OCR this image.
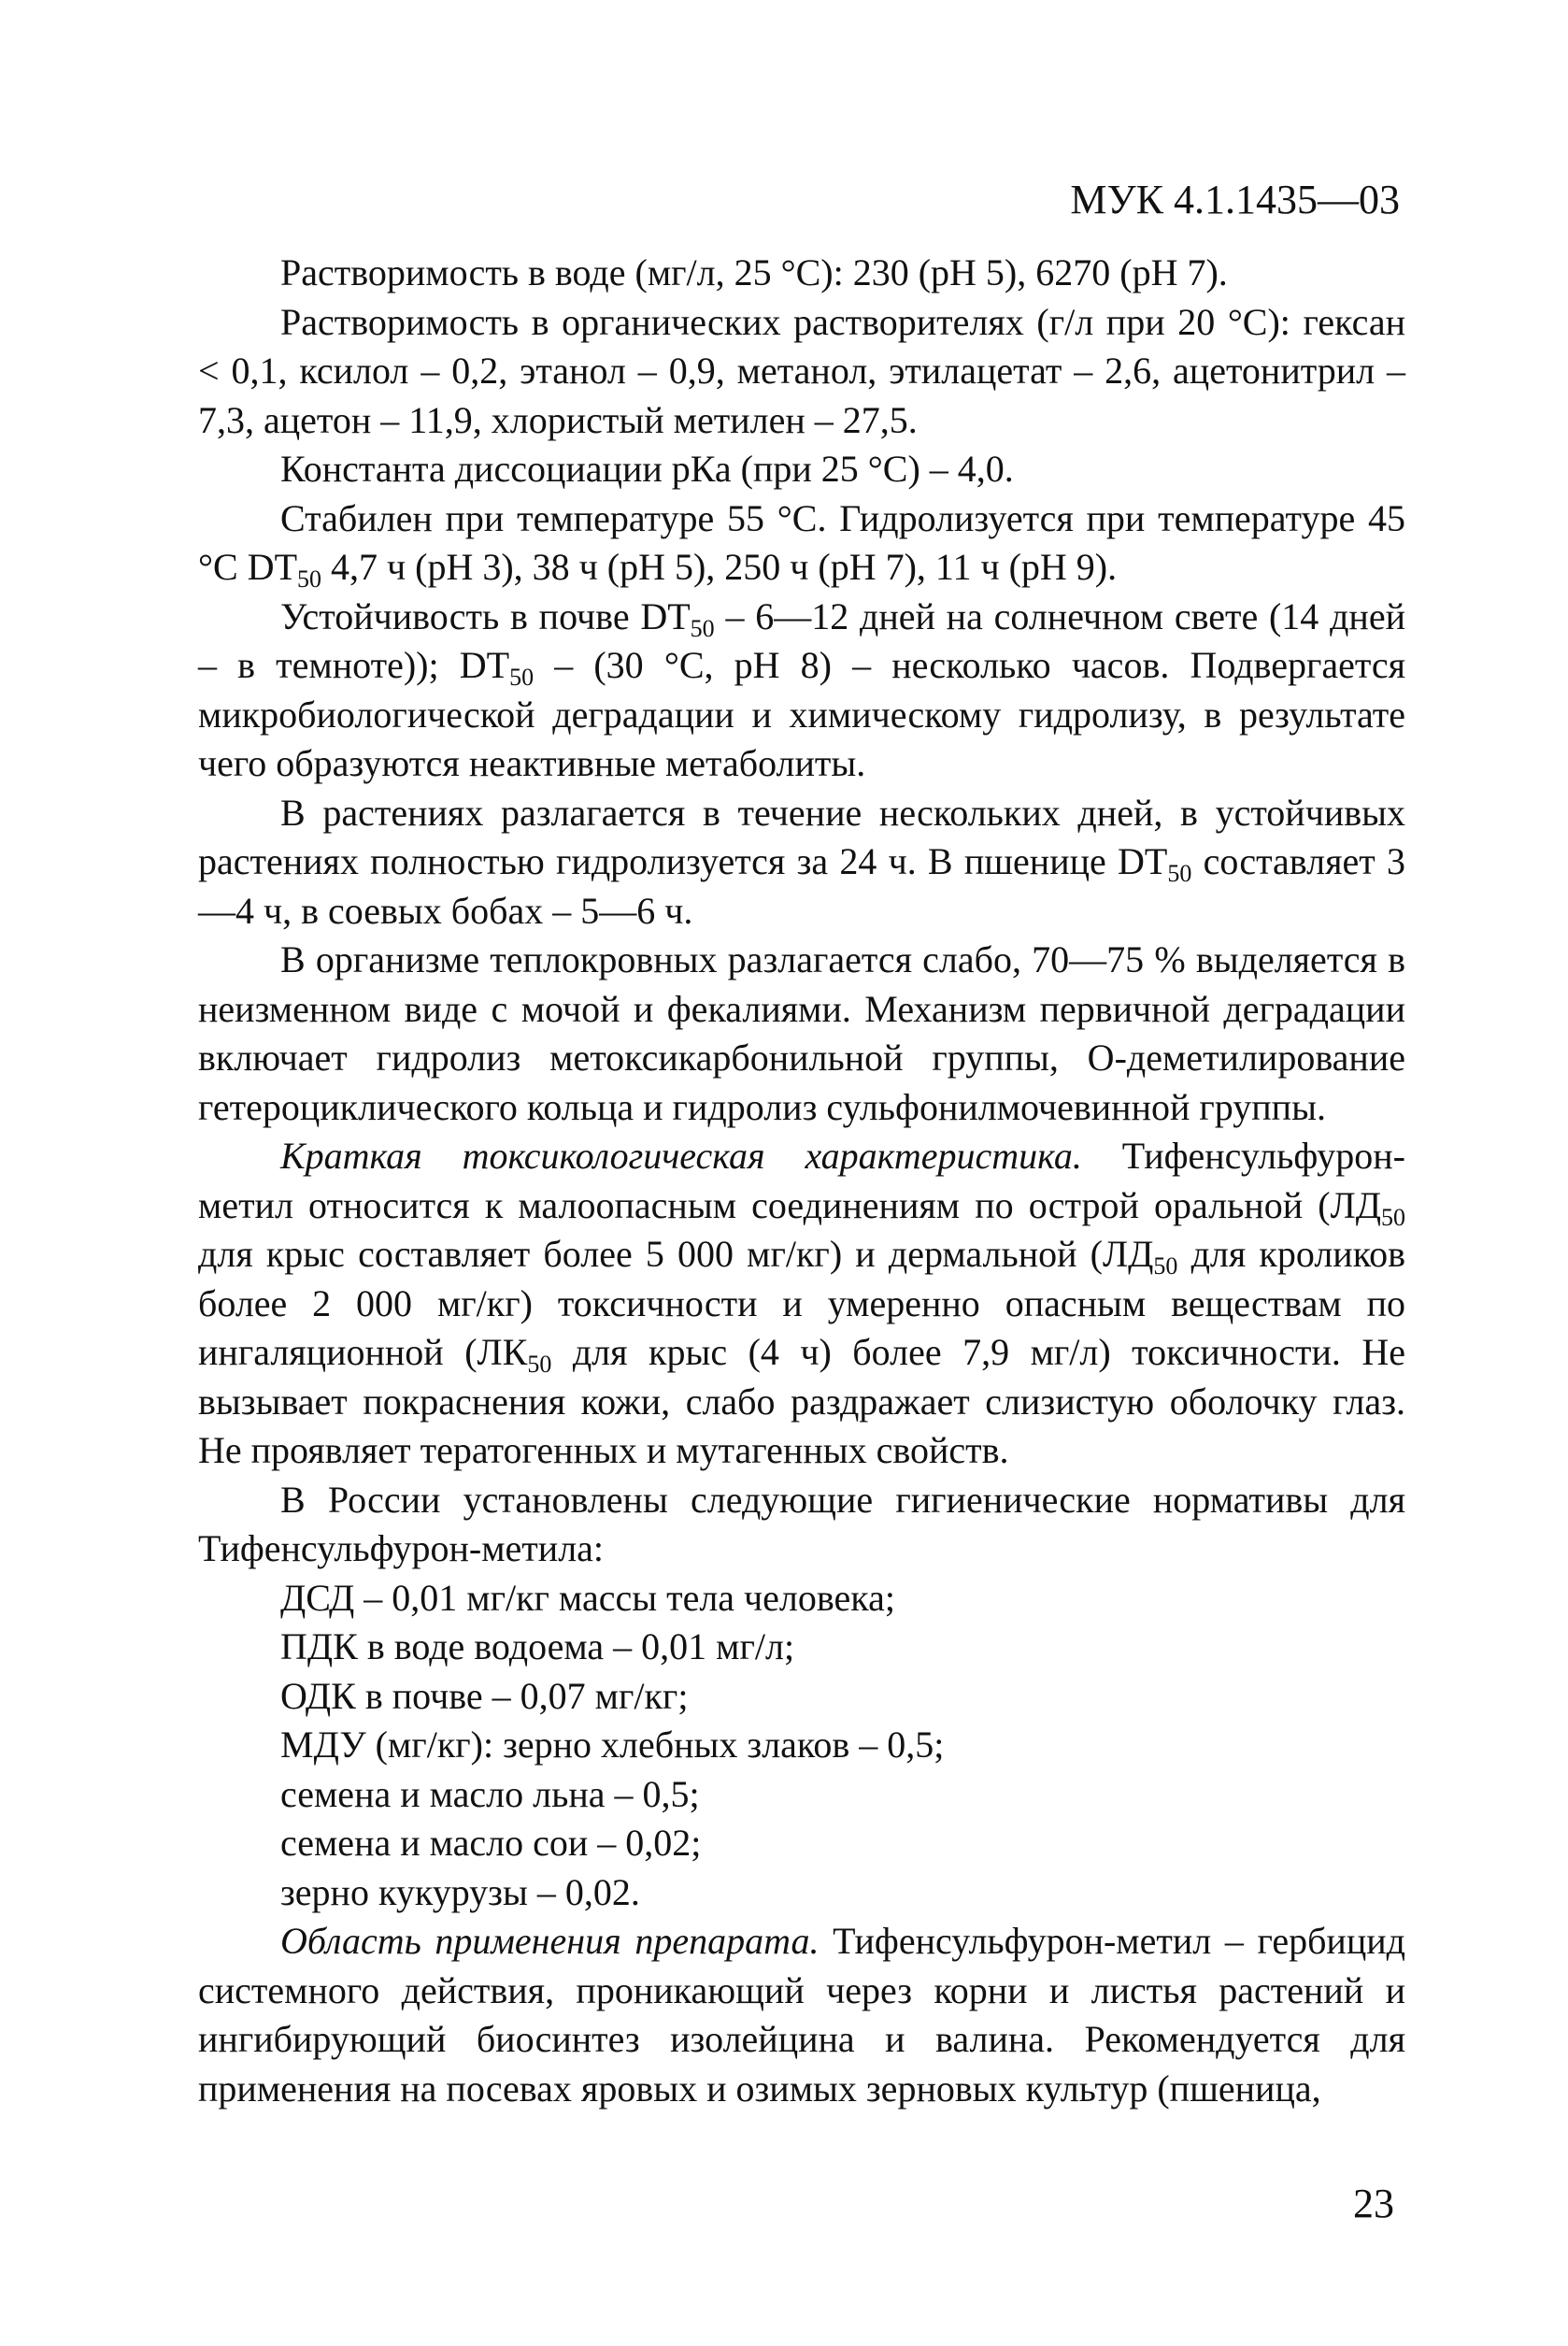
МУК 4.1.1435—03

Растворимость в воде (мг/л, 25 °С): 230 (рН 5), 6270 (рН 7).

Растворимость в органических растворителях (г/л при 20 °С): гексан < 0,1, ксилол – 0,2, этанол – 0,9, метанол, этилацетат – 2,6, ацетонитрил – 7,3, ацетон – 11,9, хлористый метилен – 27,5.

Константа диссоциации рКа (при 25 °С) – 4,0.

Стабилен при температуре 55 °С. Гидролизуется при температуре 45 °С $DT_{50}$ 4,7 ч (рН 3), 38 ч (рН 5), 250 ч (рН 7), 11 ч (рН 9).

Устойчивость в почве $DT_{50}$ – 6—12 дней на солнечном свете (14 дней – в темноте)); $DT_{50} - (30$ °С, рН 8) – несколько часов. Подвергается микробиологической деградации и химическому гидролизу, в результате чего образуются неактивные метаболиты.

В растениях разлагается в течение нескольких дней, в устойчивых растениях полностью гидролизуется за 24 ч. В пшенице $DT_{50}$ составляет 3—4 ч, в соевых бобах – 5—6 ч.

В организме теплокровных разлагается слабо, 70—75 % выделяется в неизменном виде с мочой и фекалиями. Механизм первичной деградации включает гидролиз метоксикарбонильной группы, О-деметилирование гетероциклического кольца и гидролиз сульфонилмочевинной группы.

Краткая токсикологическая характеристика. Тифенсульфурон-метил относится к малоопасным соединениям по острой оральной ($ЛД_{50}$ для крыс составляет более 5 000 мг/кг) и дермальной ($ЛД_{50}$ для кроликов более 2 000 мг/кг) токсичности и умеренно опасным веществам по ингаляционной ($ЛК_{50}$ для крыс (4 ч) более 7,9 мг/л) токсичности. Не вызывает покраснения кожи, слабо раздражает слизистую оболочку глаз. Не проявляет тератогенных и мутагенных свойств.

В России установлены следующие гигиенические нормативы для Тифенсульфурон-метила:

ДСД – 0,01 мг/кг массы тела человека;

ПДК в воде водоема – 0,01 мг/л;

ОДК в почве – 0,07 мг/кг;

МДУ (мг/кг): зерно хлебных злаков – 0,5;

семена и масло льна – 0,5;

семена и масло сои – 0,02;

зерно кукурузы – 0,02.

Область применения препарата. Тифенсульфурон-метил – гербицид системного действия, проникающий через корни и листья растений и ингибирующий биосинтез изолейцина и валина. Рекомендуется для применения на посевах яровых и озимых зерновых культур (пшеница,

23
